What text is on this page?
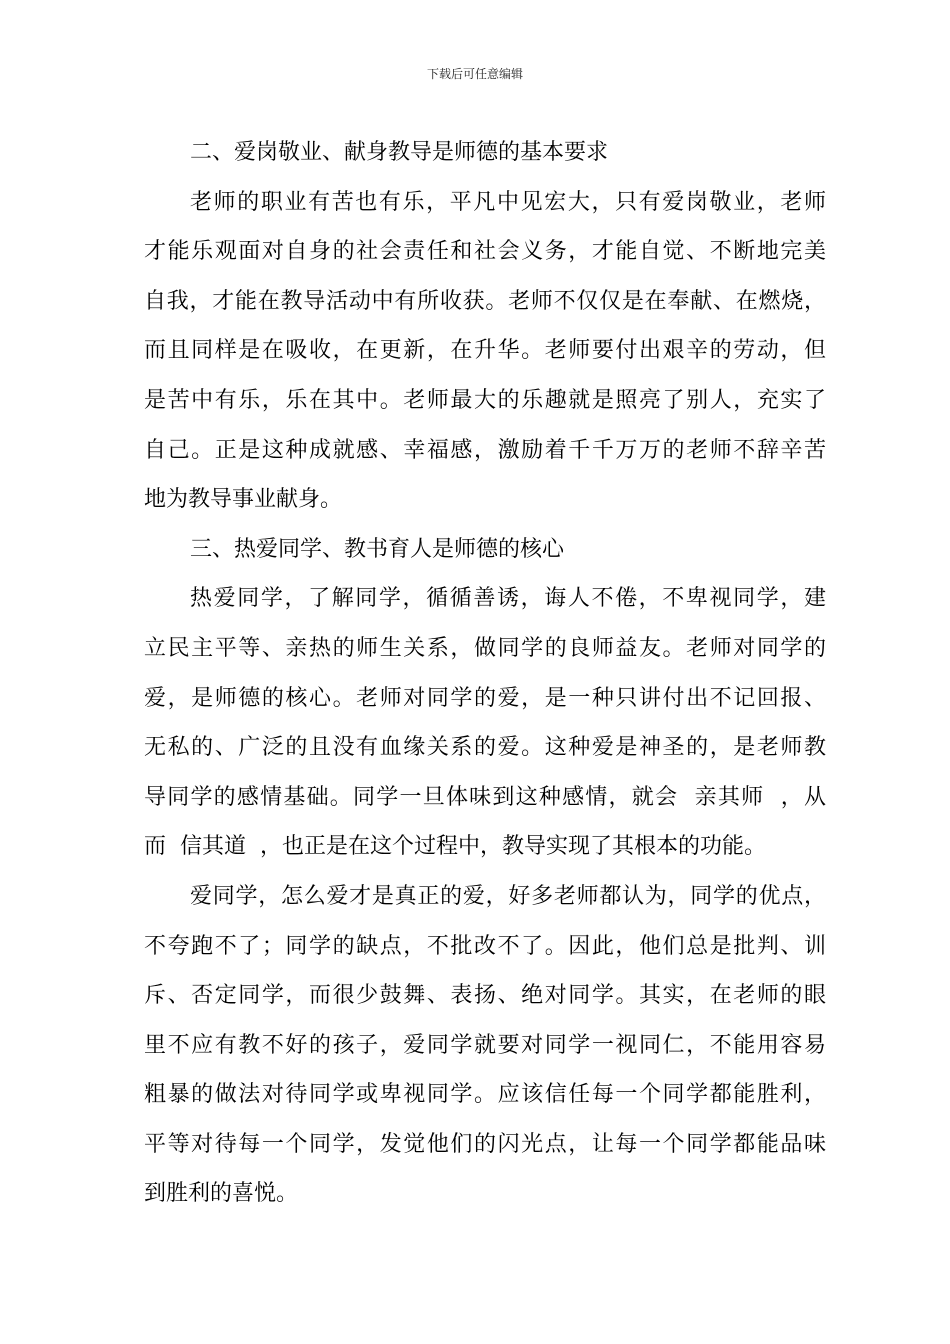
下载后可任意编辑
二、爱岗敬业、献身教导是师德的基本要求
老师的职业有苦也有乐，平凡中见宏大，只有爱岗敬业，老师
才能乐观面对自身的社会责任和社会义务，才能自觉、不断地完美
自我，才能在教导活动中有所收获。老师不仅仅是在奉献、在燃烧，
而且同样是在吸收，在更新，在升华。老师要付出艰辛的劳动，但
是苦中有乐，乐在其中。老师最大的乐趣就是照亮了别人，充实了
自己。正是这种成就感、幸福感，激励着千千万万的老师不辞辛苦
地为教导事业献身。
三、热爱同学、教书育人是师德的核心
热爱同学，了解同学，循循善诱，诲人不倦，不卑视同学，建
立民主平等、亲热的师生关系，做同学的良师益友。老师对同学的
爱，是师德的核心。老师对同学的爱，是一种只讲付出不记回报、
无私的、广泛的且没有血缘关系的爱。这种爱是神圣的，是老师教
导同学的感情基础。同学一旦体味到这种感情，就会  亲其师  ，从
而  信其道  ，也正是在这个过程中，教导实现了其根本的功能。
爱同学，怎么爱才是真正的爱，好多老师都认为，同学的优点，
不夸跑不了；同学的缺点，不批改不了。因此，他们总是批判、训
斥、否定同学，而很少鼓舞、表扬、绝对同学。其实，在老师的眼
里不应有教不好的孩子，爱同学就要对同学一视同仁，不能用容易
粗暴的做法对待同学或卑视同学。应该信任每一个同学都能胜利，
平等对待每一个同学，发觉他们的闪光点，让每一个同学都能品味
到胜利的喜悦。
